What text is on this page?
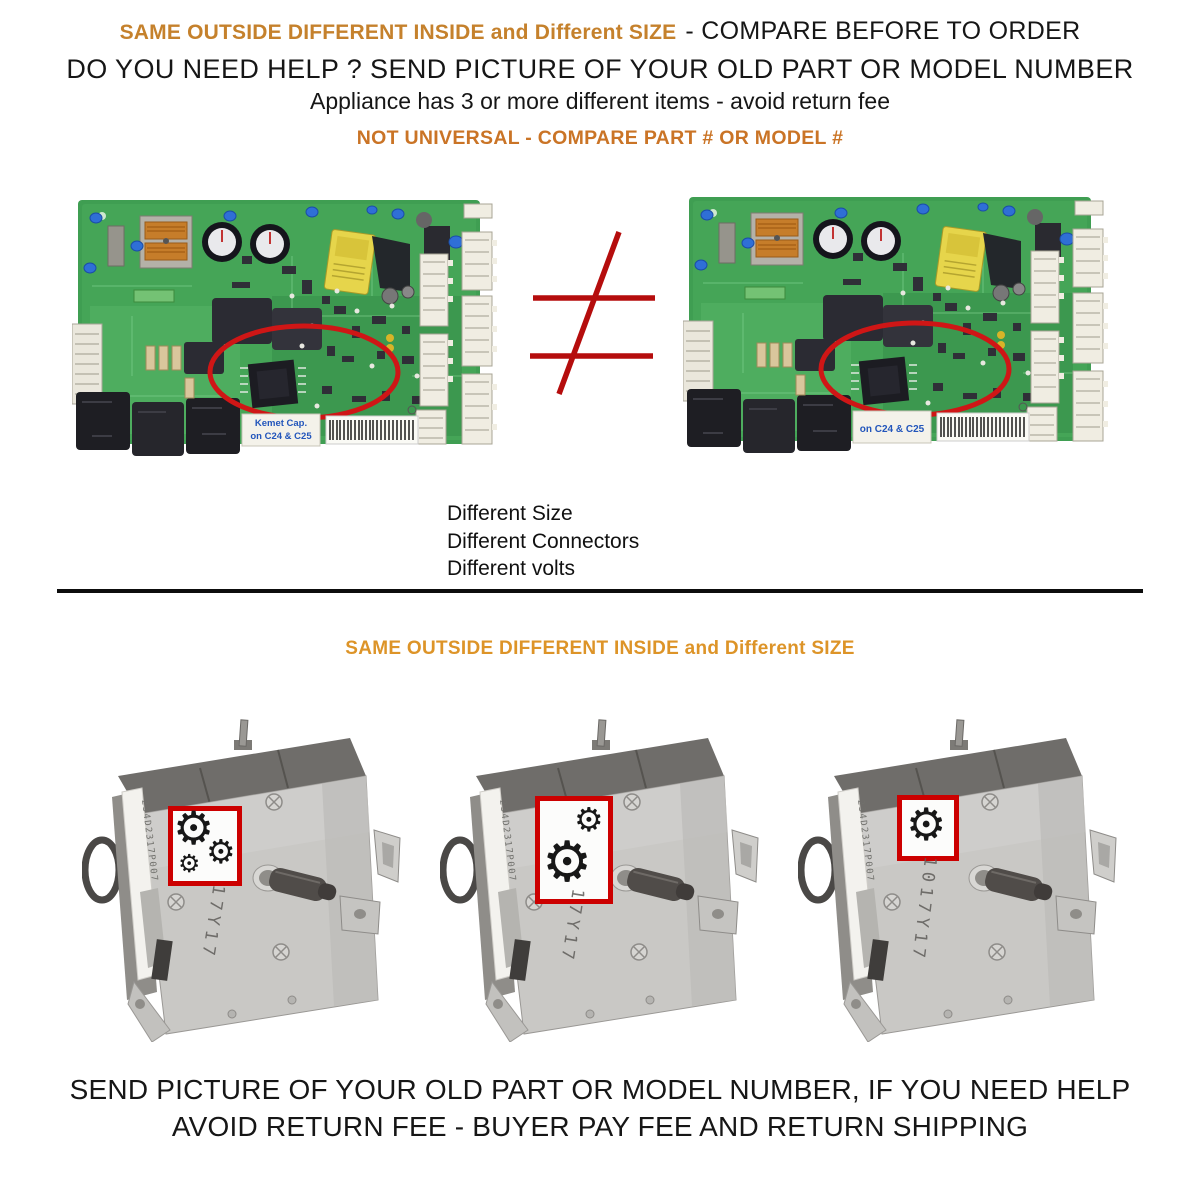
SAME OUTSIDE DIFFERENT INSIDE and Different SIZE - COMPARE BEFORE TO ORDER
DO YOU NEED HELP ? SEND PICTURE OF YOUR OLD PART OR MODEL NUMBER
Appliance has 3 or more different items - avoid return fee
NOT UNIVERSAL - COMPARE PART # OR MODEL #
Kemet Cap.
on C24 & C25
on C24 & C25
Different Size
Different Connectors
Different volts
SAME OUTSIDE DIFFERENT INSIDE and Different SIZE
⚙
⚙
⚙
⚙
⚙
⚙
17Y17	17Y17	1017Y17
SEND PICTURE OF YOUR OLD PART OR MODEL NUMBER, IF YOU NEED HELP
AVOID RETURN FEE - BUYER PAY FEE AND RETURN SHIPPING
